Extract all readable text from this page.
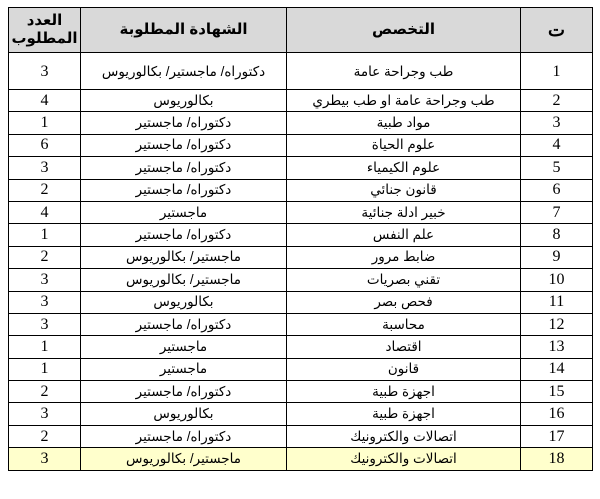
العدد المطلوب	الشهادة المطلوبة	التخصص	ت
3	دكتوراه/ ماجستير/ بكالوريوس	طب وجراحة عامة	1
4	بكالوريوس	طب وجراحة عامة او طب بيطري	2
1	دكتوراه/ ماجستير	مواد طبية	3
6	دكتوراه/ ماجستير	علوم الحياة	4
3	دكتوراه/ ماجستير	علوم الكيمياء	5
2	دكتوراه/ ماجستير	قانون جنائي	6
4	ماجستير	خبير ادلة جنائية	7
1	دكتوراه/ ماجستير	علم النفس	8
2	ماجستير/ بكالوريوس	ضابط مرور	9
3	ماجستير/ بكالوريوس	تقني بصريات	10
3	بكالوريوس	فحص بصر	11
3	دكتوراه/ ماجستير	محاسبة	12
1	ماجستير	اقتصاد	13
1	ماجستير	قانون	14
2	دكتوراه/ ماجستير	اجهزة طبية	15
3	بكالوريوس	اجهزة طبية	16
2	دكتوراه/ ماجستير	اتصالات والكترونيك	17
3	ماجستير/ بكالوريوس	اتصالات والكترونيك	18
